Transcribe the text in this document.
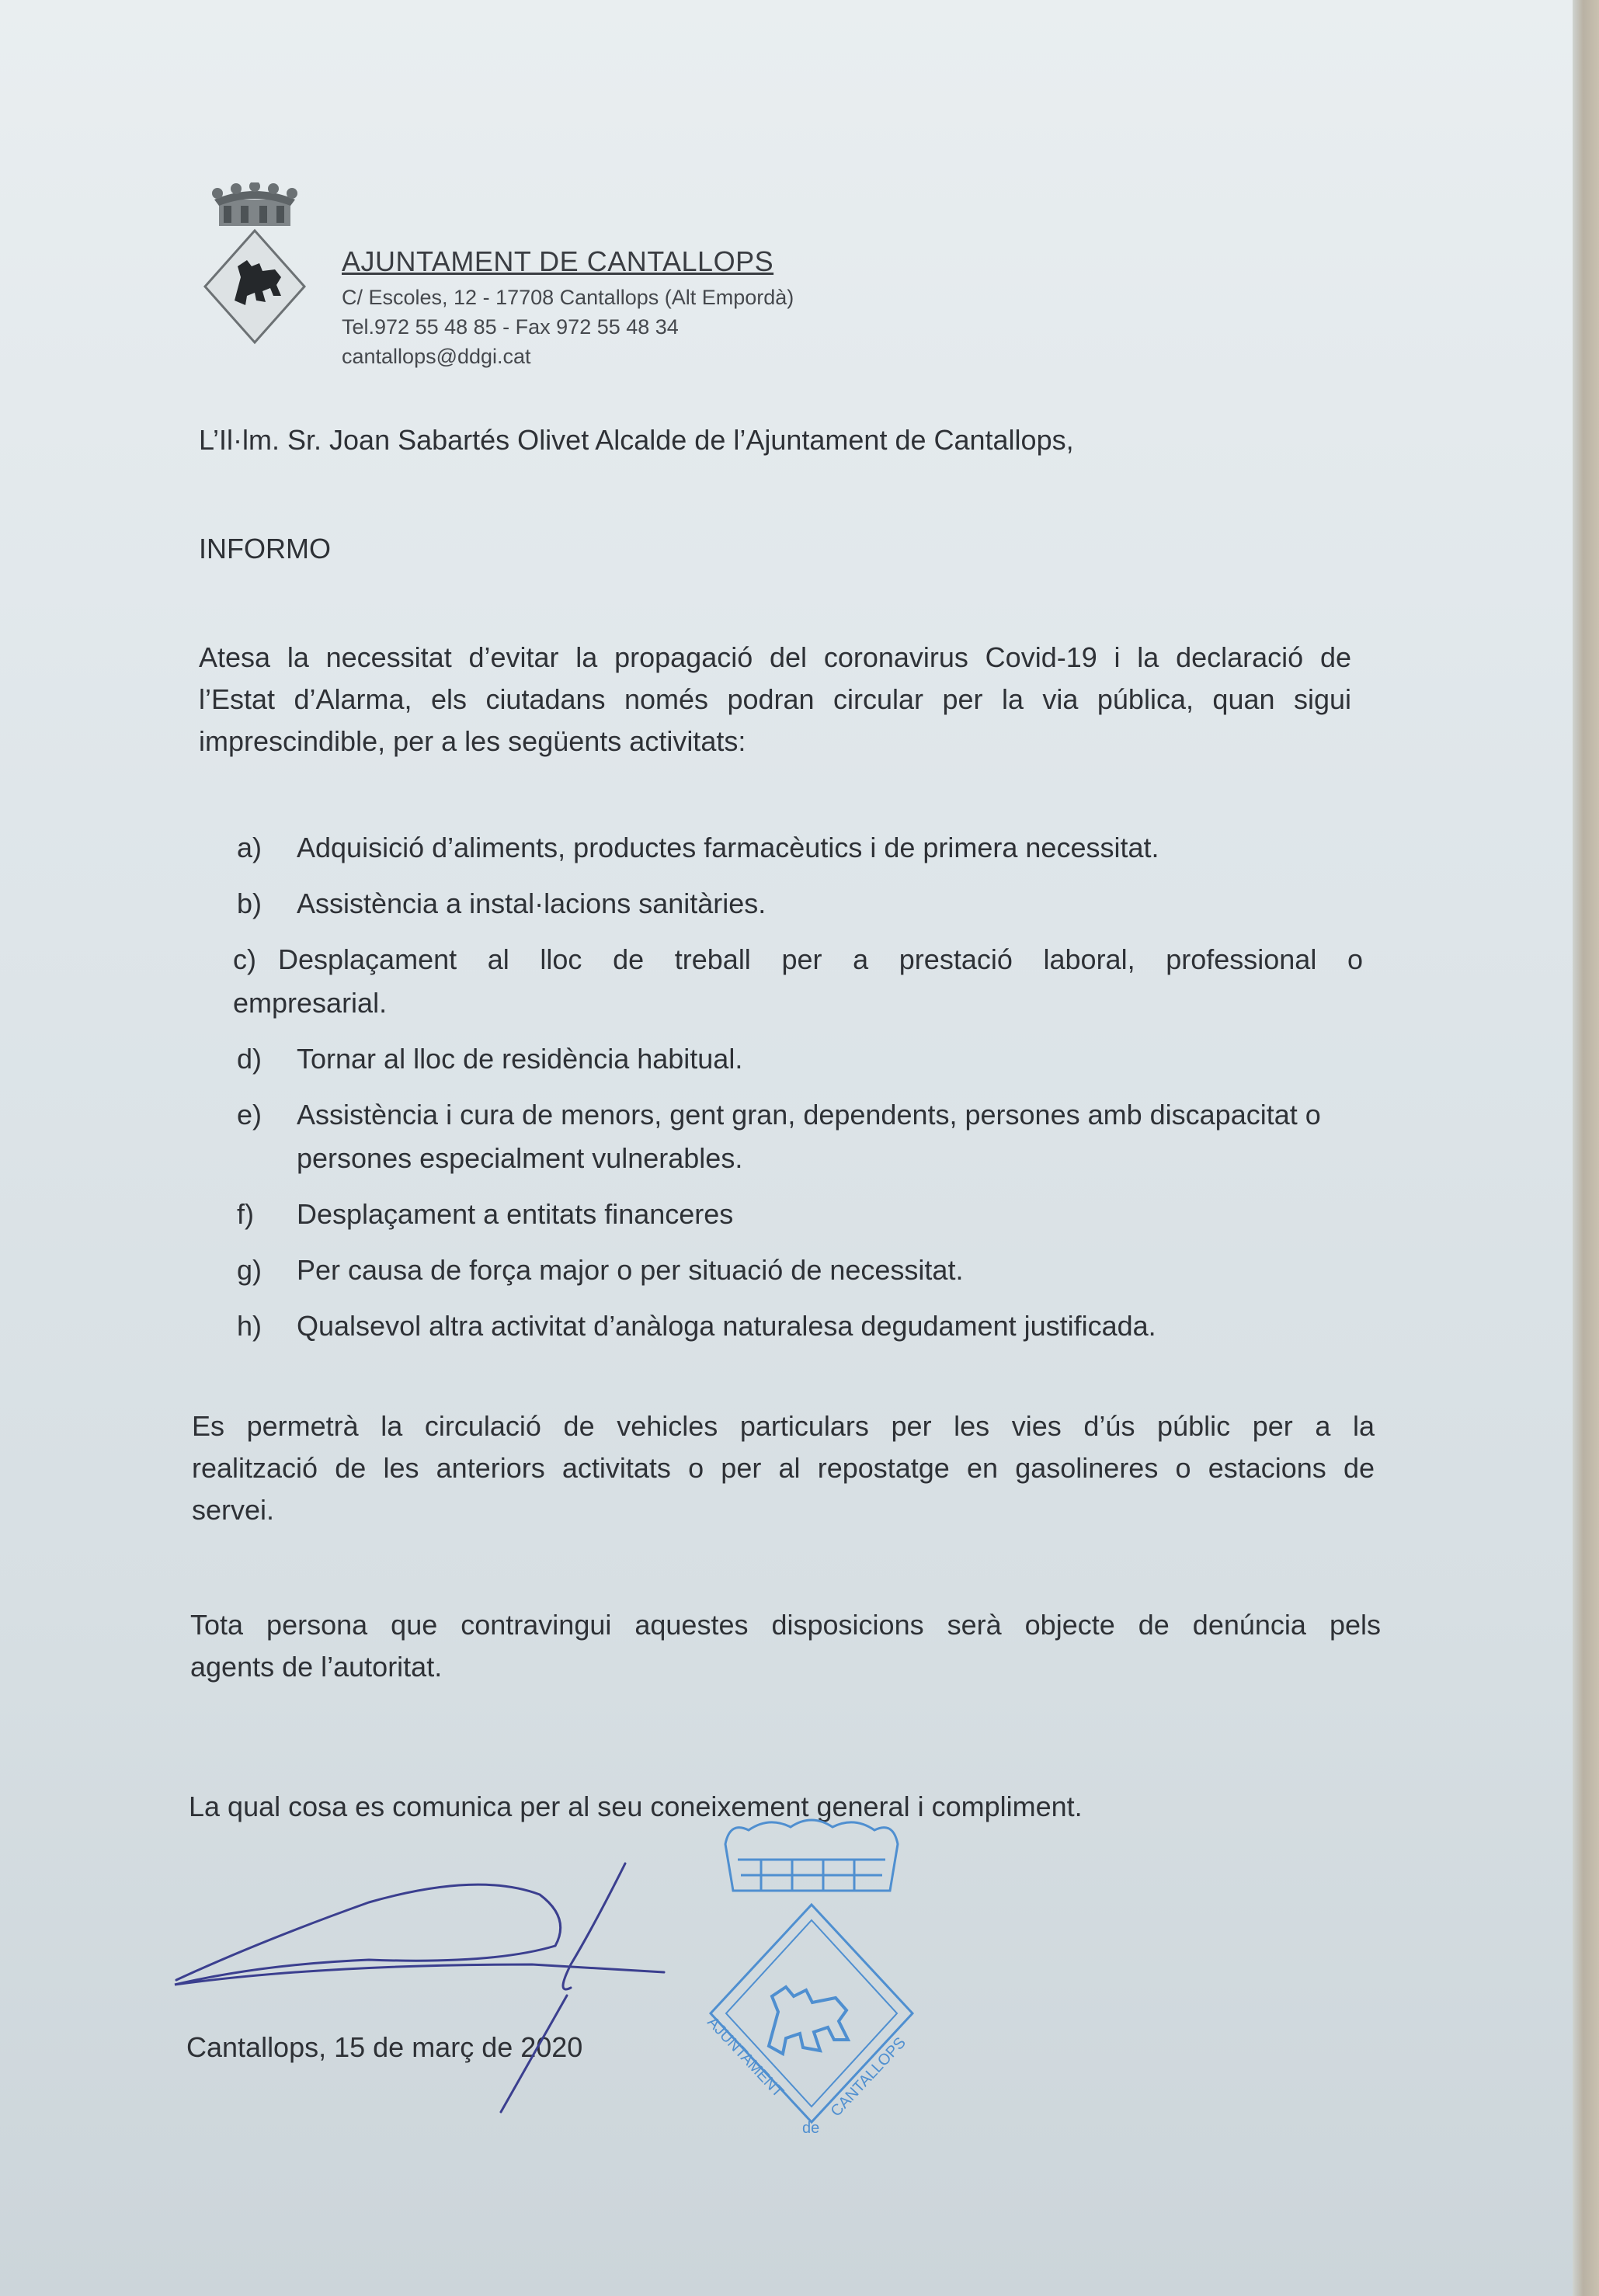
AJUNTAMENT DE CANTALLOPS
C/ Escoles, 12 - 17708 Cantallops (Alt Empordà)
Tel.972 55 48 85 - Fax 972 55 48 34
cantallops@ddgi.cat
L’Il·lm. Sr. Joan Sabartés Olivet Alcalde de l’Ajuntament de Cantallops,
INFORMO
Atesa la necessitat d’evitar la propagació del coronavirus Covid-19 i la declaració de
l’Estat d’Alarma, els ciutadans només podran circular per la via pública, quan sigui
imprescindible, per a les següents activitats:
a) Adquisició d’aliments, productes farmacèutics i de primera necessitat.
b) Assistència a instal·lacions sanitàries.
c) Desplaçament al lloc de treball per a prestació laboral, professional o empresarial.
d) Tornar al lloc de residència habitual.
e) Assistència i cura de menors, gent gran, dependents, persones amb discapacitat o persones especialment vulnerables.
f) Desplaçament a entitats financeres
g) Per causa de força major o per situació de necessitat.
h) Qualsevol altra activitat d’anàloga naturalesa degudament justificada.
Es permetrà la circulació de vehicles particulars per les vies d’ús públic per a la
realització de les anteriors activitats o per al repostatge en gasolineres o estacions de
servei.
Tota persona que contravingui aquestes disposicions serà objecte de denúncia pels
agents de l’autoritat.
La qual cosa es comunica per al seu coneixement general i compliment.
Cantallops, 15 de març de 2020	AJUNTAMENT
de
CANTALLOPS
